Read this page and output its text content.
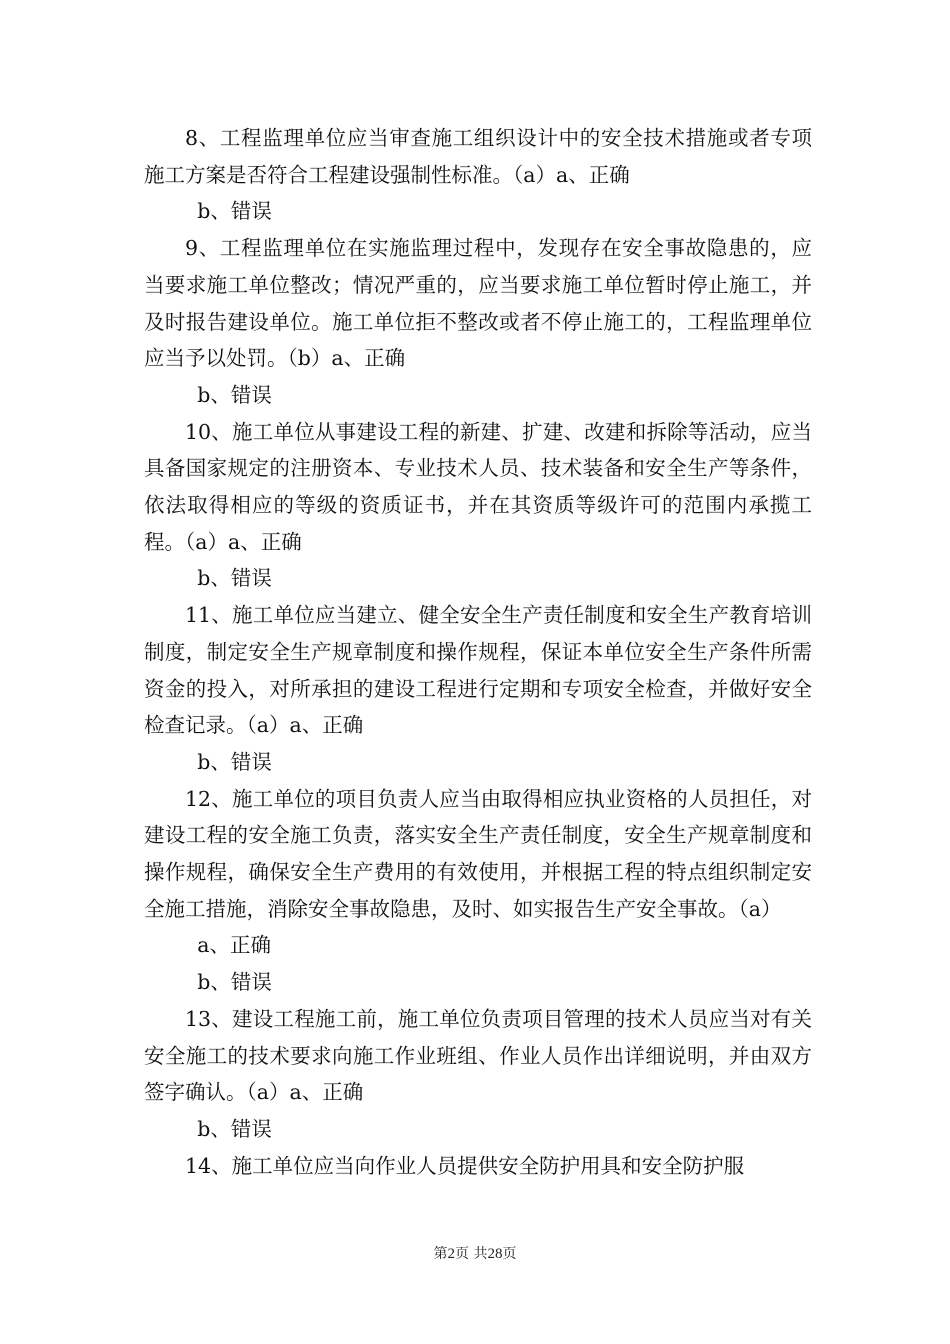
8、工程监理单位应当审查施工组织设计中的安全技术措施或者专项施工方案是否符合工程建设强制性标准。（a）a、正确

b、错误

9、工程监理单位在实施监理过程中，发现存在安全事故隐患的，应当要求施工单位整改；情况严重的，应当要求施工单位暂时停止施工，并及时报告建设单位。施工单位拒不整改或者不停止施工的，工程监理单位应当予以处罚。（b）a、正确

b、错误

10、施工单位从事建设工程的新建、扩建、改建和拆除等活动，应当具备国家规定的注册资本、专业技术人员、技术装备和安全生产等条件，依法取得相应的等级的资质证书，并在其资质等级许可的范围内承揽工程。（a）a、正确

b、错误

11、施工单位应当建立、健全安全生产责任制度和安全生产教育培训制度，制定安全生产规章制度和操作规程，保证本单位安全生产条件所需资金的投入，对所承担的建设工程进行定期和专项安全检查，并做好安全检查记录。（a）a、正确

b、错误

12、施工单位的项目负责人应当由取得相应执业资格的人员担任，对建设工程的安全施工负责，落实安全生产责任制度，安全生产规章制度和操作规程，确保安全生产费用的有效使用，并根据工程的特点组织制定安全施工措施，消除安全事故隐患，及时、如实报告生产安全事故。（a）

a、正确

b、错误

13、建设工程施工前，施工单位负责项目管理的技术人员应当对有关安全施工的技术要求向施工作业班组、作业人员作出详细说明，并由双方签字确认。（a）a、正确

b、错误

14、施工单位应当向作业人员提供安全防护用具和安全防护服

第2页 共28页
